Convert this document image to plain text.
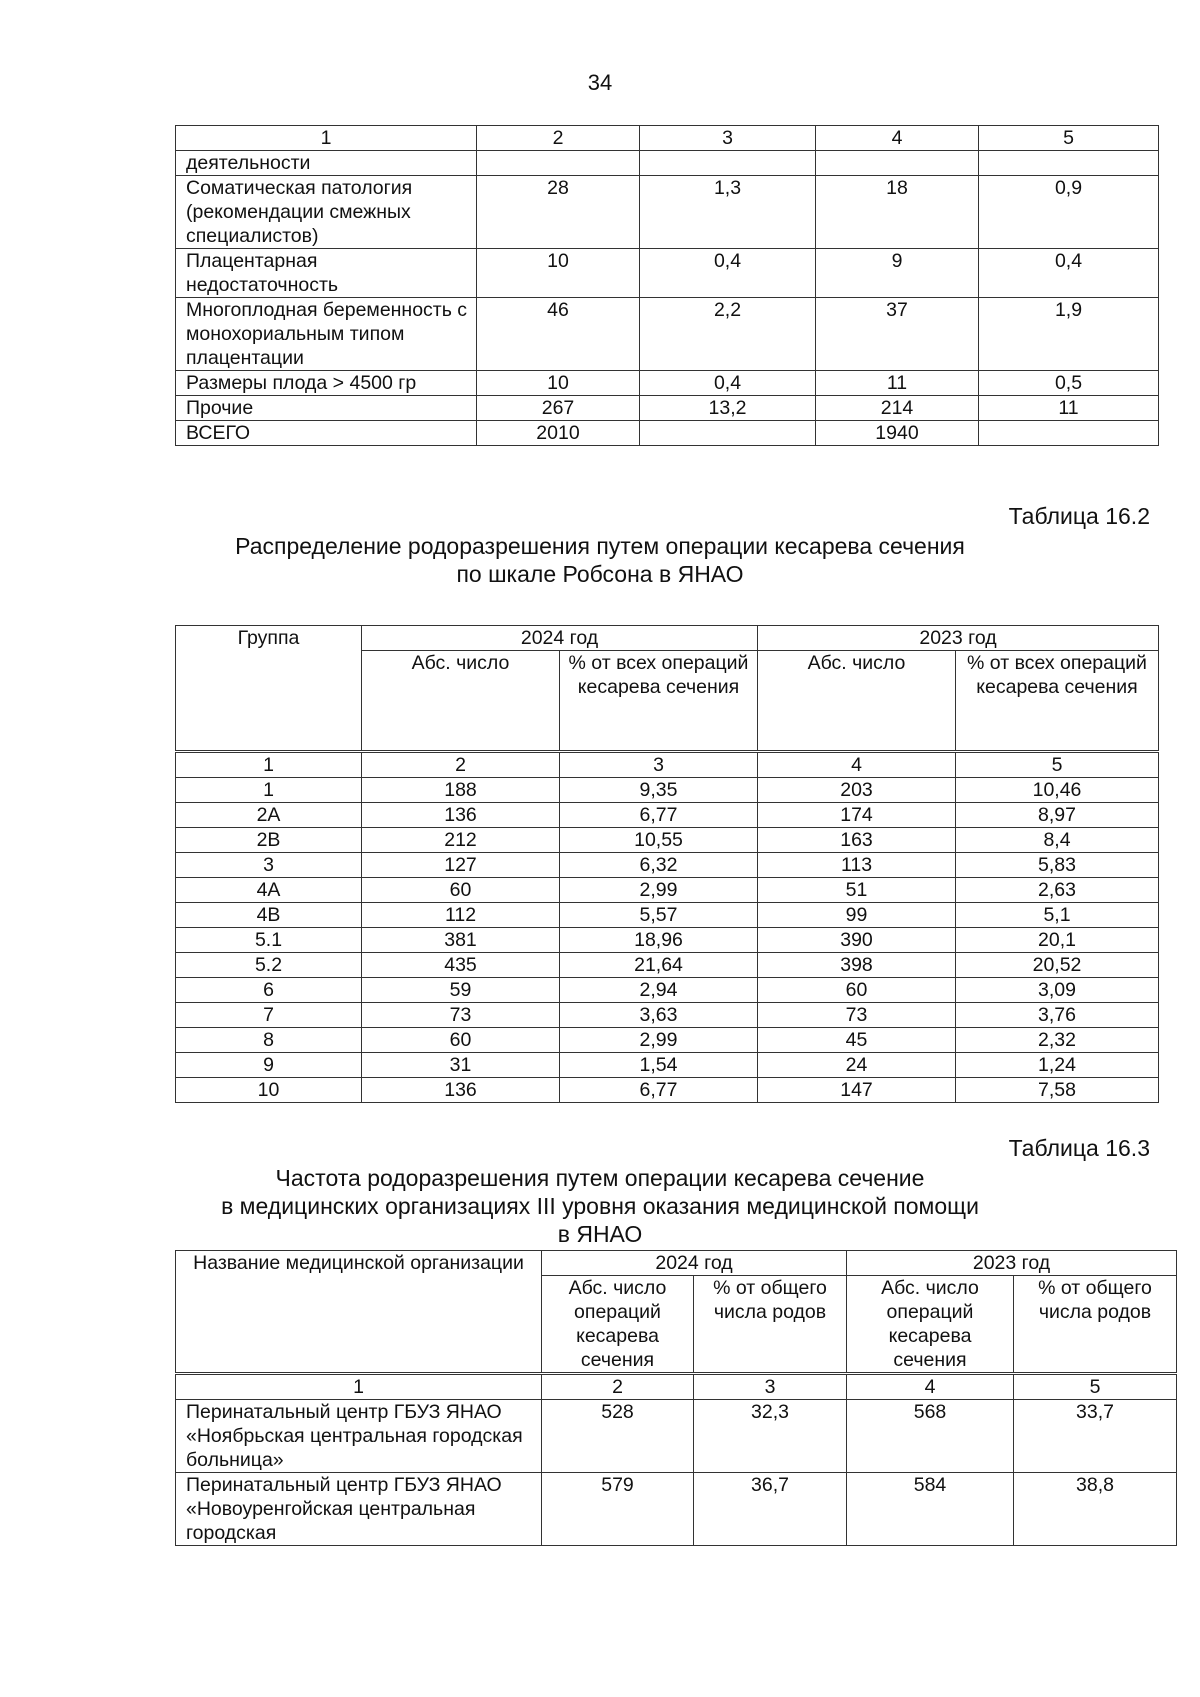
34
1	2	3	4	5
деятельности				
Соматическая патология (рекомендации смежных специалистов)	28	1,3	18	0,9
Плацентарная недостаточность	10	0,4	9	0,4
Многоплодная беременность с монохориальным типом плацентации	46	2,2	37	1,9
Размеры плода > 4500 гр	10	0,4	11	0,5
Прочие	267	13,2	214	11
ВСЕГО	2010		1940	
Таблица 16.2
Распределение родоразрешения путем операции кесарева сечения
по шкале Робсона в ЯНАО
Группа	2024 год		2023 год	
	Абс. число	% от всех операций кесарева сечения	Абс. число	% от всех операций кесарева сечения
1	2	3	4	5
1	188	9,35	203	10,46
2А	136	6,77	174	8,97
2В	212	10,55	163	8,4
3	127	6,32	113	5,83
4А	60	2,99	51	2,63
4В	112	5,57	99	5,1
5.1	381	18,96	390	20,1
5.2	435	21,64	398	20,52
6	59	2,94	60	3,09
7	73	3,63	73	3,76
8	60	2,99	45	2,32
9	31	1,54	24	1,24
10	136	6,77	147	7,58
Таблица 16.3
Частота родоразрешения путем операции кесарева сечение
в медицинских организациях III уровня оказания медицинской помощи
в ЯНАО
Название медицинской организации	2024 год		2023 год	
	Абс. число операций кесарева сечения	% от общего числа родов	Абс. число операций кесарева сечения	% от общего числа родов
1	2	3	4	5
Перинатальный центр ГБУЗ ЯНАО «Ноябрьская центральная городская больница»	528	32,3	568	33,7
Перинатальный центр ГБУЗ ЯНАО «Новоуренгойская центральная городская	579	36,7	584	38,8
